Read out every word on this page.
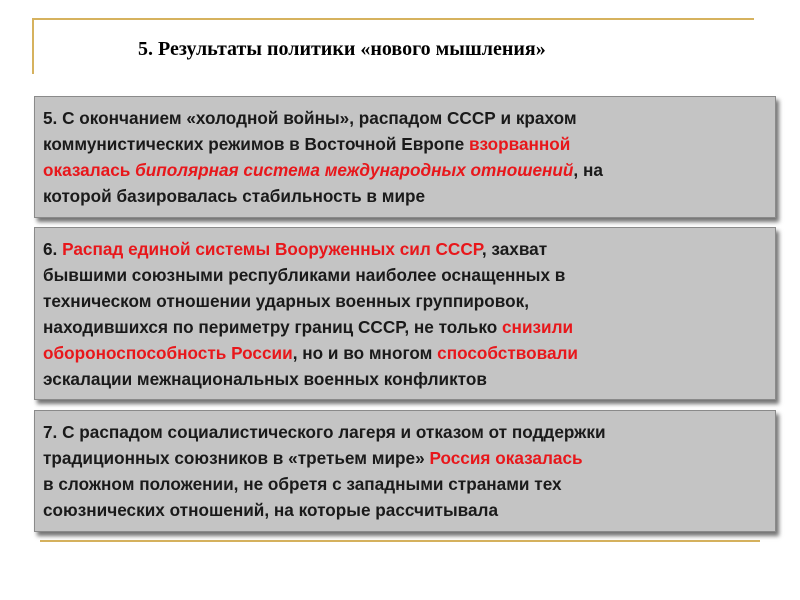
5. Результаты политики «нового мышления»

5. С окончанием «холодной войны», распадом СССР и крахом

коммунистических режимов в Восточной Европе взорванной

оказалась биполярная система международных отношений, на

которой базировалась стабильность в мире

6. Распад единой системы Вооруженных сил СССР, захват

бывшими союзными республиками наиболее оснащенных в

техническом отношении ударных военных группировок,

находившихся по периметру границ СССР, не только снизили

обороноспособность России, но и во многом способствовали

эскалации межнациональных военных конфликтов

7. С распадом социалистического лагеря и отказом от поддержки

традиционных союзников в «третьем мире» Россия оказалась

в сложном положении, не обретя с западными странами тех

союзнических отношений, на которые рассчитывала
